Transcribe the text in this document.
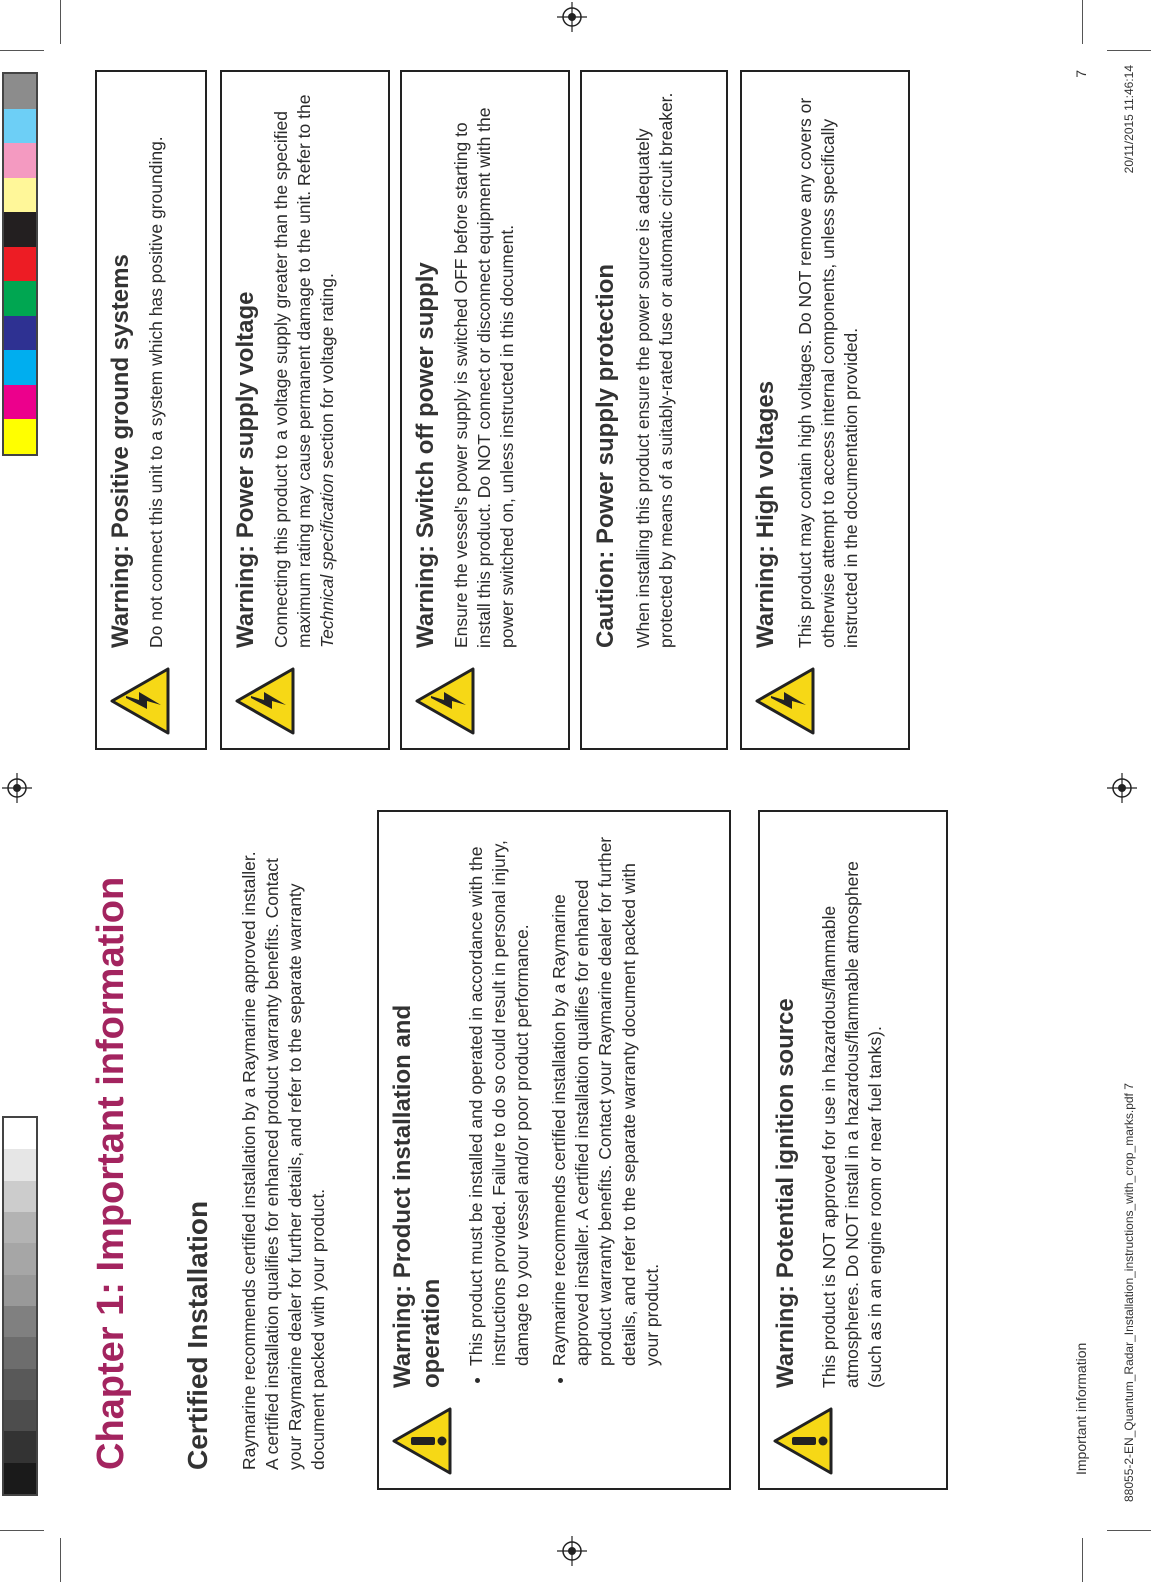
Chapter 1: Important information Certified Installation Raymarine recommends certified installation by a Raymarine approved installer. A certified installation qualifies for enhanced product warranty benefits. Contact your Raymarine dealer for further details, and refer to the separate warranty document packed with your product.	Warning: Product installation and operation • This product must be installed and operated in accordance with the instructions provided. Failure to do so could result in personal injury, damage to your vessel and/or poor product performance. • Raymarine recommends certified installation by a Raymarine approved installer. A certified installation qualifies for enhanced product warranty benefits. Contact your Raymarine dealer for further details, and refer to the separate warranty document packed with your product.	Warning: Potential ignition source This product is NOT approved for use in hazardous/flammable atmospheres. Do NOT install in a hazardous/flammable atmosphere (such as in an engine room or near fuel tanks).

Warning: Positive ground systems Do not connect this unit to a system which has positive grounding.	Warning: Power supply voltage Connecting this product to a voltage supply greater than the specified maximum rating may cause permanent damage to the unit. Refer to the Technical specification section for voltage rating.	Warning: Switch off power supply Ensure the vessel's power supply is switched OFF before starting to install this product. Do NOT connect or disconnect equipment with the power switched on, unless instructed in this document.	Caution: Power supply protection When installing this product ensure the power source is adequately protected by means of a suitably-rated fuse or automatic circuit breaker.	Warning: High voltages This product may contain high voltages. Do NOT remove any covers or otherwise attempt to access internal components, unless specifically instructed in the documentation provided.

Important information
7
88055-2-EN_Quantum_Radar_Installation_instructions_with_crop_marks.pdf 7
20/11/2015 11:46:14
